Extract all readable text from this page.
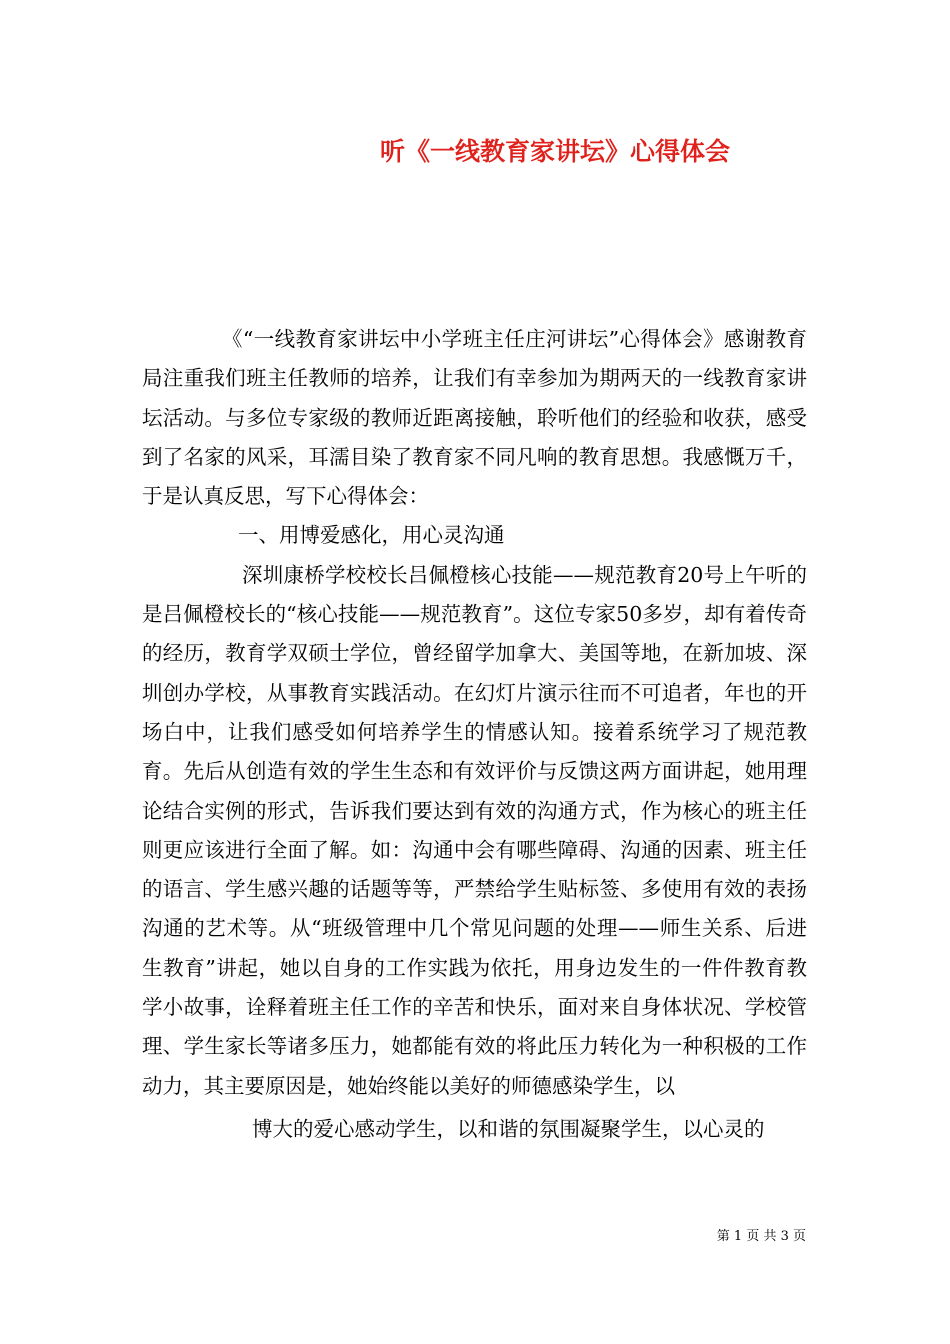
听《一线教育家讲坛》心得体会

《“一线教育家讲坛中小学班主任庄河讲坛”心得体会》感谢教育局注重我们班主任教师的培养，让我们有幸参加为期两天的一线教育家讲坛活动。与多位专家级的教师近距离接触，聆听他们的经验和收获，感受到了名家的风采，耳濡目染了教育家不同凡响的教育思想。我感慨万千，于是认真反思，写下心得体会：

一、用博爱感化，用心灵沟通

深圳康桥学校校长吕佩橙核心技能——规范教育20号上午听的是吕佩橙校长的“核心技能——规范教育”。这位专家50多岁，却有着传奇的经历，教育学双硕士学位，曾经留学加拿大、美国等地，在新加坡、深圳创办学校，从事教育实践活动。在幻灯片演示往而不可追者，年也的开场白中，让我们感受如何培养学生的情感认知。接着系统学习了规范教育。先后从创造有效的学生生态和有效评价与反馈这两方面讲起，她用理论结合实例的形式，告诉我们要达到有效的沟通方式，作为核心的班主任则更应该进行全面了解。如：沟通中会有哪些障碍、沟通的因素、班主任的语言、学生感兴趣的话题等等，严禁给学生贴标签、多使用有效的表扬沟通的艺术等。从“班级管理中几个常见问题的处理——师生关系、后进生教育”讲起，她以自身的工作实践为依托，用身边发生的一件件教育教学小故事，诠释着班主任工作的辛苦和快乐，面对来自身体状况、学校管理、学生家长等诸多压力，她都能有效的将此压力转化为一种积极的工作动力，其主要原因是，她始终能以美好的师德感染学生，以

博大的爱心感动学生，以和谐的氛围凝聚学生，以心灵的

第 1 页 共 3 页
